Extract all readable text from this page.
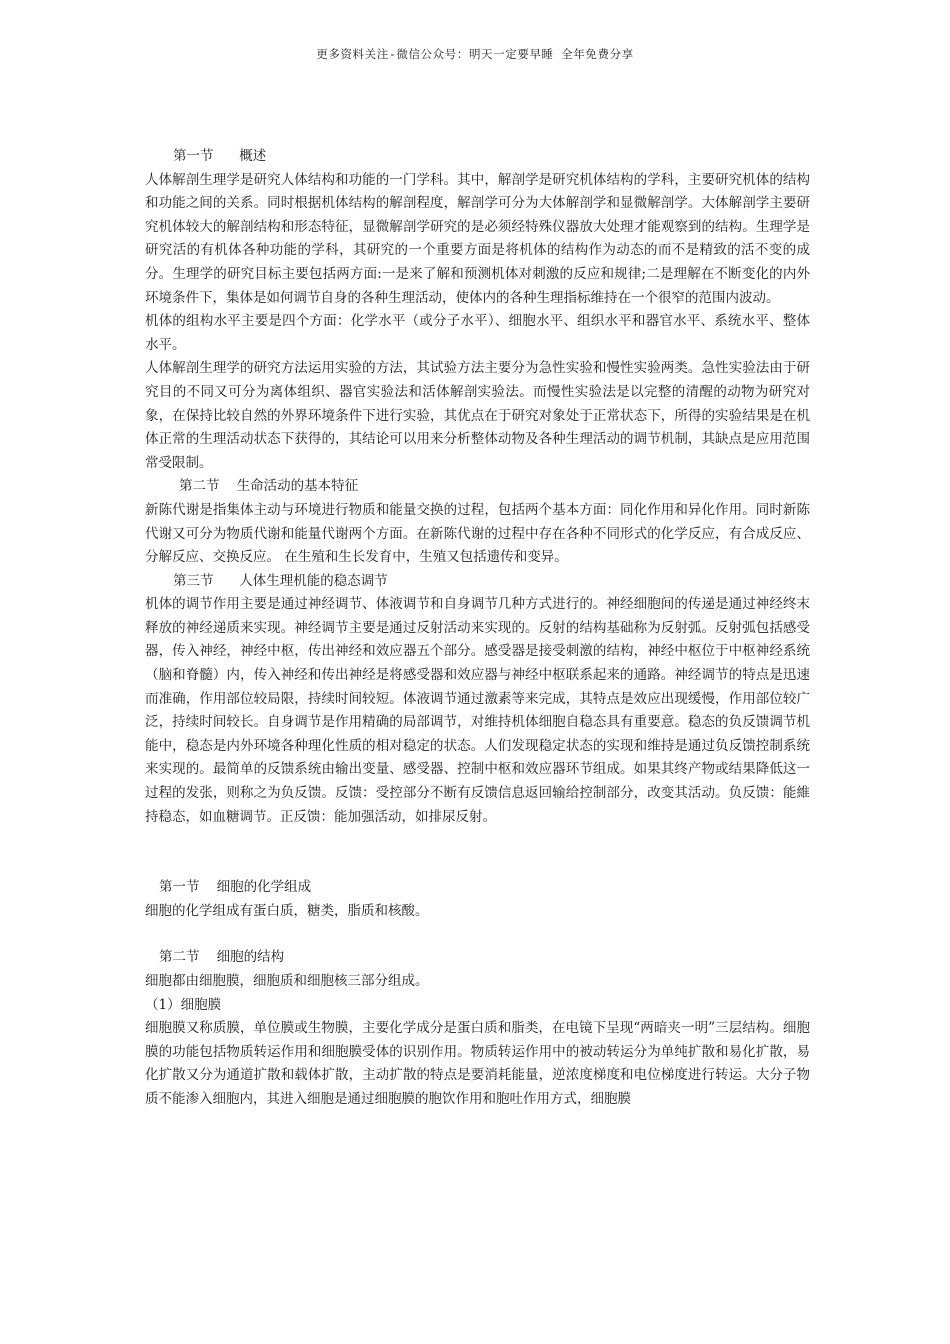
更多资料关注-微信公众号：明天一定要早睡 全年免费分享

第一节      概述

人体解剖生理学是研究人体结构和功能的一门学科。其中，解剖学是研究机体结构的学科，主要研究机体的结构和功能之间的关系。同时根据机体结构的解剖程度，解剖学可分为大体解剖学和显微解剖学。大体解剖学主要研究机体较大的解剖结构和形态特征，显微解剖学研究的是必须经特殊仪器放大处理才能观察到的结构。生理学是研究活的有机体各种功能的学科，其研究的一个重要方面是将机体的结构作为动态的而不是精致的活不变的成分。生理学的研究目标主要包括两方面:一是来了解和预测机体对刺激的反应和规律;二是理解在不断变化的内外环境条件下，集体是如何调节自身的各种生理活动，使体内的各种生理指标维持在一个很窄的范围内波动。

机体的组构水平主要是四个方面：化学水平（或分子水平）、细胞水平、组织水平和器官水平、系统水平、整体水平。

人体解剖生理学的研究方法运用实验的方法，其试验方法主要分为急性实验和慢性实验两类。急性实验法由于研究目的不同又可分为离体组织、器官实验法和活体解剖实验法。而慢性实验法是以完整的清醒的动物为研究对象，在保持比较自然的外界环境条件下进行实验，其优点在于研究对象处于正常状态下，所得的实验结果是在机体正常的生理活动状态下获得的，其结论可以用来分析整体动物及各种生理活动的调节机制，其缺点是应用范围常受限制。

第二节    生命活动的基本特征

新陈代谢是指集体主动与环境进行物质和能量交换的过程，包括两个基本方面：同化作用和异化作用。同时新陈代谢又可分为物质代谢和能量代谢两个方面。在新陈代谢的过程中存在各种不同形式的化学反应，有合成反应、分解反应、交换反应。 在生殖和生长发育中，生殖又包括遗传和变异。

第三节      人体生理机能的稳态调节

机体的调节作用主要是通过神经调节、体液调节和自身调节几种方式进行的。神经细胞间的传递是通过神经终末释放的神经递质来实现。神经调节主要是通过反射活动来实现的。反射的结构基础称为反射弧。反射弧包括感受器，传入神经，神经中枢，传出神经和效应器五个部分。感受器是接受刺激的结构，神经中枢位于中枢神经系统（脑和脊髓）内，传入神经和传出神经是将感受器和效应器与神经中枢联系起来的通路。神经调节的特点是迅速而准确，作用部位较局限，持续时间较短。体液调节通过激素等来完成，其特点是效应出现缓慢，作用部位较广泛，持续时间较长。自身调节是作用精确的局部调节，对维持机体细胞自稳态具有重要意。稳态的负反馈调节机能中，稳态是内外环境各种理化性质的相对稳定的状态。人们发现稳定状态的实现和维持是通过负反馈控制系统来实现的。最简单的反馈系统由输出变量、感受器、控制中枢和效应器环节组成。如果其终产物或结果降低这一过程的发张，则称之为负反馈。反馈：受控部分不断有反馈信息返回输给控制部分，改变其活动。负反馈：能維持稳态，如血糖调节。正反馈：能加强活动，如排尿反射。

第一节    细胞的化学组成

细胞的化学组成有蛋白质，糖类，脂质和核酸。

第二节    细胞的结构

细胞都由细胞膜，细胞质和细胞核三部分组成。

（1）细胞膜

细胞膜又称质膜，单位膜或生物膜，主要化学成分是蛋白质和脂类，在电镜下呈现“两暗夹一明”三层结构。细胞膜的功能包括物质转运作用和细胞膜受体的识别作用。物质转运作用中的被动转运分为单纯扩散和易化扩散，易化扩散又分为通道扩散和载体扩散，主动扩散的特点是要消耗能量，逆浓度梯度和电位梯度进行转运。大分子物质不能渗入细胞内，其进入细胞是通过细胞膜的胞饮作用和胞吐作用方式，细胞膜
